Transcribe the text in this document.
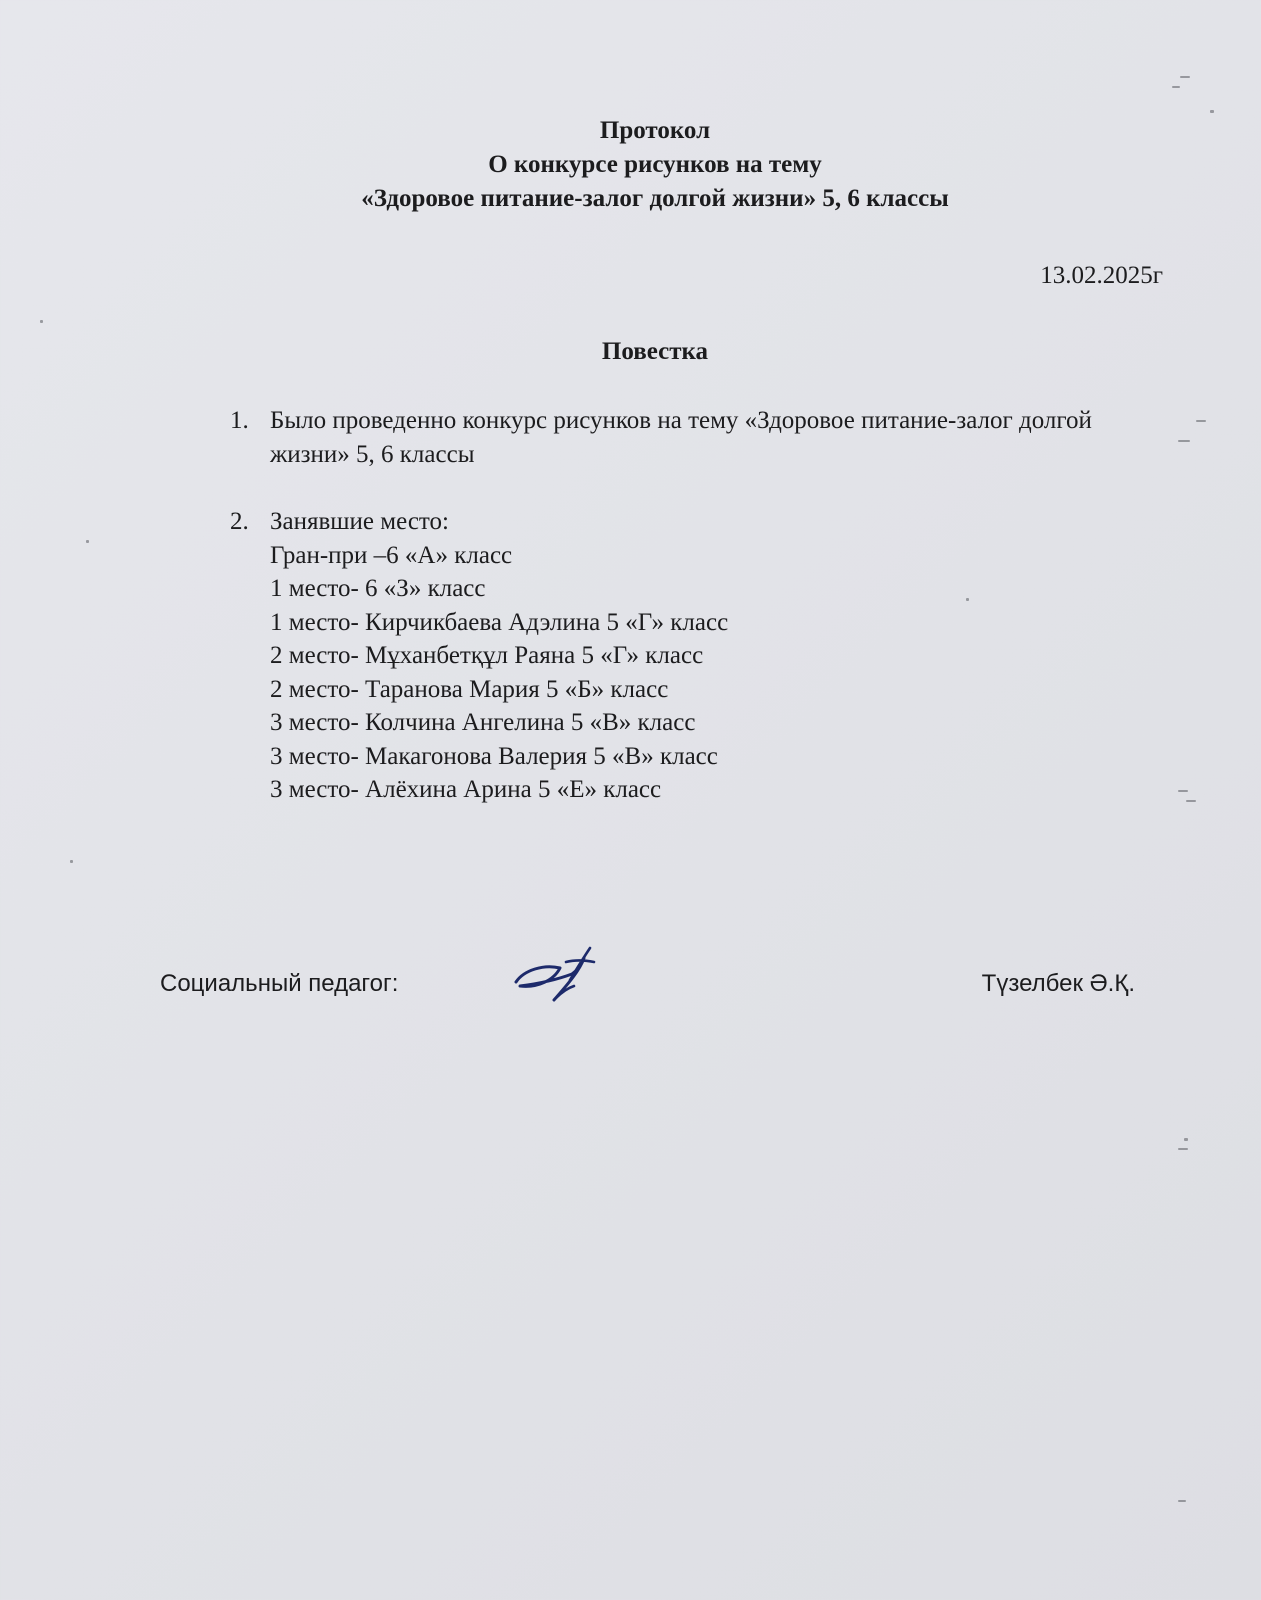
Протокол
О конкурсе рисунков на тему
«Здоровое питание-залог долгой жизни» 5, 6 классы
13.02.2025г
Повестка
1. Было проведенно конкурс рисунков на тему «Здоровое питание-залог долгой жизни» 5, 6 классы
2. Занявшие место:
Гран-при –6 «А» класс
1 место- 6 «З» класс
1 место- Кирчикбаева Адэлина 5 «Г» класс
2 место- Мұханбетқұл Раяна 5 «Г» класс
2 место- Таранова Мария 5 «Б» класс
3 место- Колчина Ангелина 5 «В» класс
3 место- Макагонова Валерия 5 «В» класс
3 место- Алёхина Арина 5 «Е» класс
Социальный педагог:	Түзелбек Ә.Қ.
